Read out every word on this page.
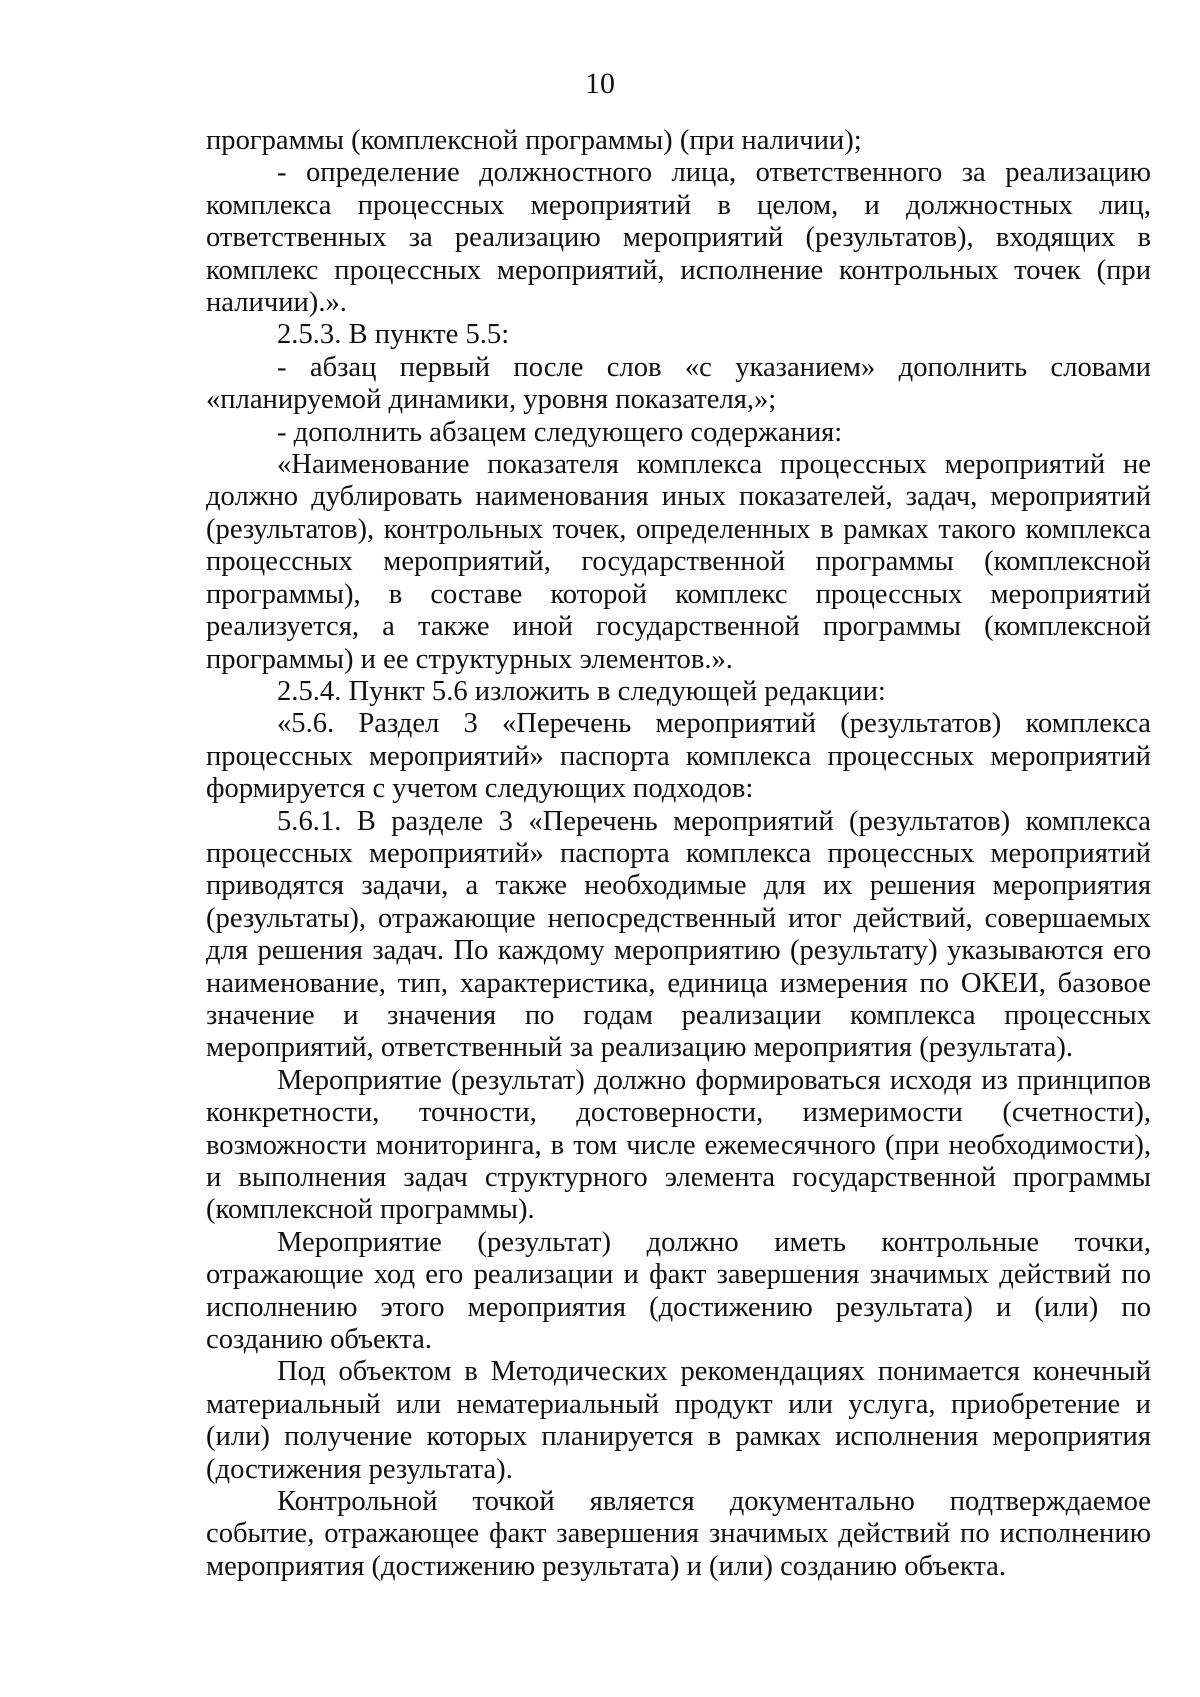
10

программы (комплексной программы) (при наличии);

- определение должностного лица, ответственного за реализацию комплекса процессных мероприятий в целом, и должностных лиц, ответственных за реализацию мероприятий (результатов), входящих в комплекс процессных мероприятий, исполнение контрольных точек (при наличии).».

2.5.3. В пункте 5.5:

- абзац первый после слов «с указанием» дополнить словами «планируемой динамики, уровня показателя,»;

- дополнить абзацем следующего содержания:

«Наименование показателя комплекса процессных мероприятий не должно дублировать наименования иных показателей, задач, мероприятий (результатов), контрольных точек, определенных в рамках такого комплекса процессных мероприятий, государственной программы (комплексной программы), в составе которой комплекс процессных мероприятий реализуется, а также иной государственной программы (комплексной программы) и ее структурных элементов.».

2.5.4. Пункт 5.6 изложить в следующей редакции:

«5.6. Раздел 3 «Перечень мероприятий (результатов) комплекса процессных мероприятий» паспорта комплекса процессных мероприятий формируется с учетом следующих подходов:

5.6.1. В разделе 3 «Перечень мероприятий (результатов) комплекса процессных мероприятий» паспорта комплекса процессных мероприятий приводятся задачи, а также необходимые для их решения мероприятия (результаты), отражающие непосредственный итог действий, совершаемых для решения задач. По каждому мероприятию (результату) указываются его наименование, тип, характеристика, единица измерения по ОКЕИ, базовое значение и значения по годам реализации комплекса процессных мероприятий, ответственный за реализацию мероприятия (результата).

Мероприятие (результат) должно формироваться исходя из принципов конкретности, точности, достоверности, измеримости (счетности), возможности мониторинга, в том числе ежемесячного (при необходимости), и выполнения задач структурного элемента государственной программы (комплексной программы).

Мероприятие (результат) должно иметь контрольные точки, отражающие ход его реализации и факт завершения значимых действий по исполнению этого мероприятия (достижению результата) и (или) по созданию объекта.

Под объектом в Методических рекомендациях понимается конечный материальный или нематериальный продукт или услуга, приобретение и (или) получение которых планируется в рамках исполнения мероприятия (достижения результата).

Контрольной точкой является документально подтверждаемое событие, отражающее факт завершения значимых действий по исполнению мероприятия (достижению результата) и (или) созданию объекта.
